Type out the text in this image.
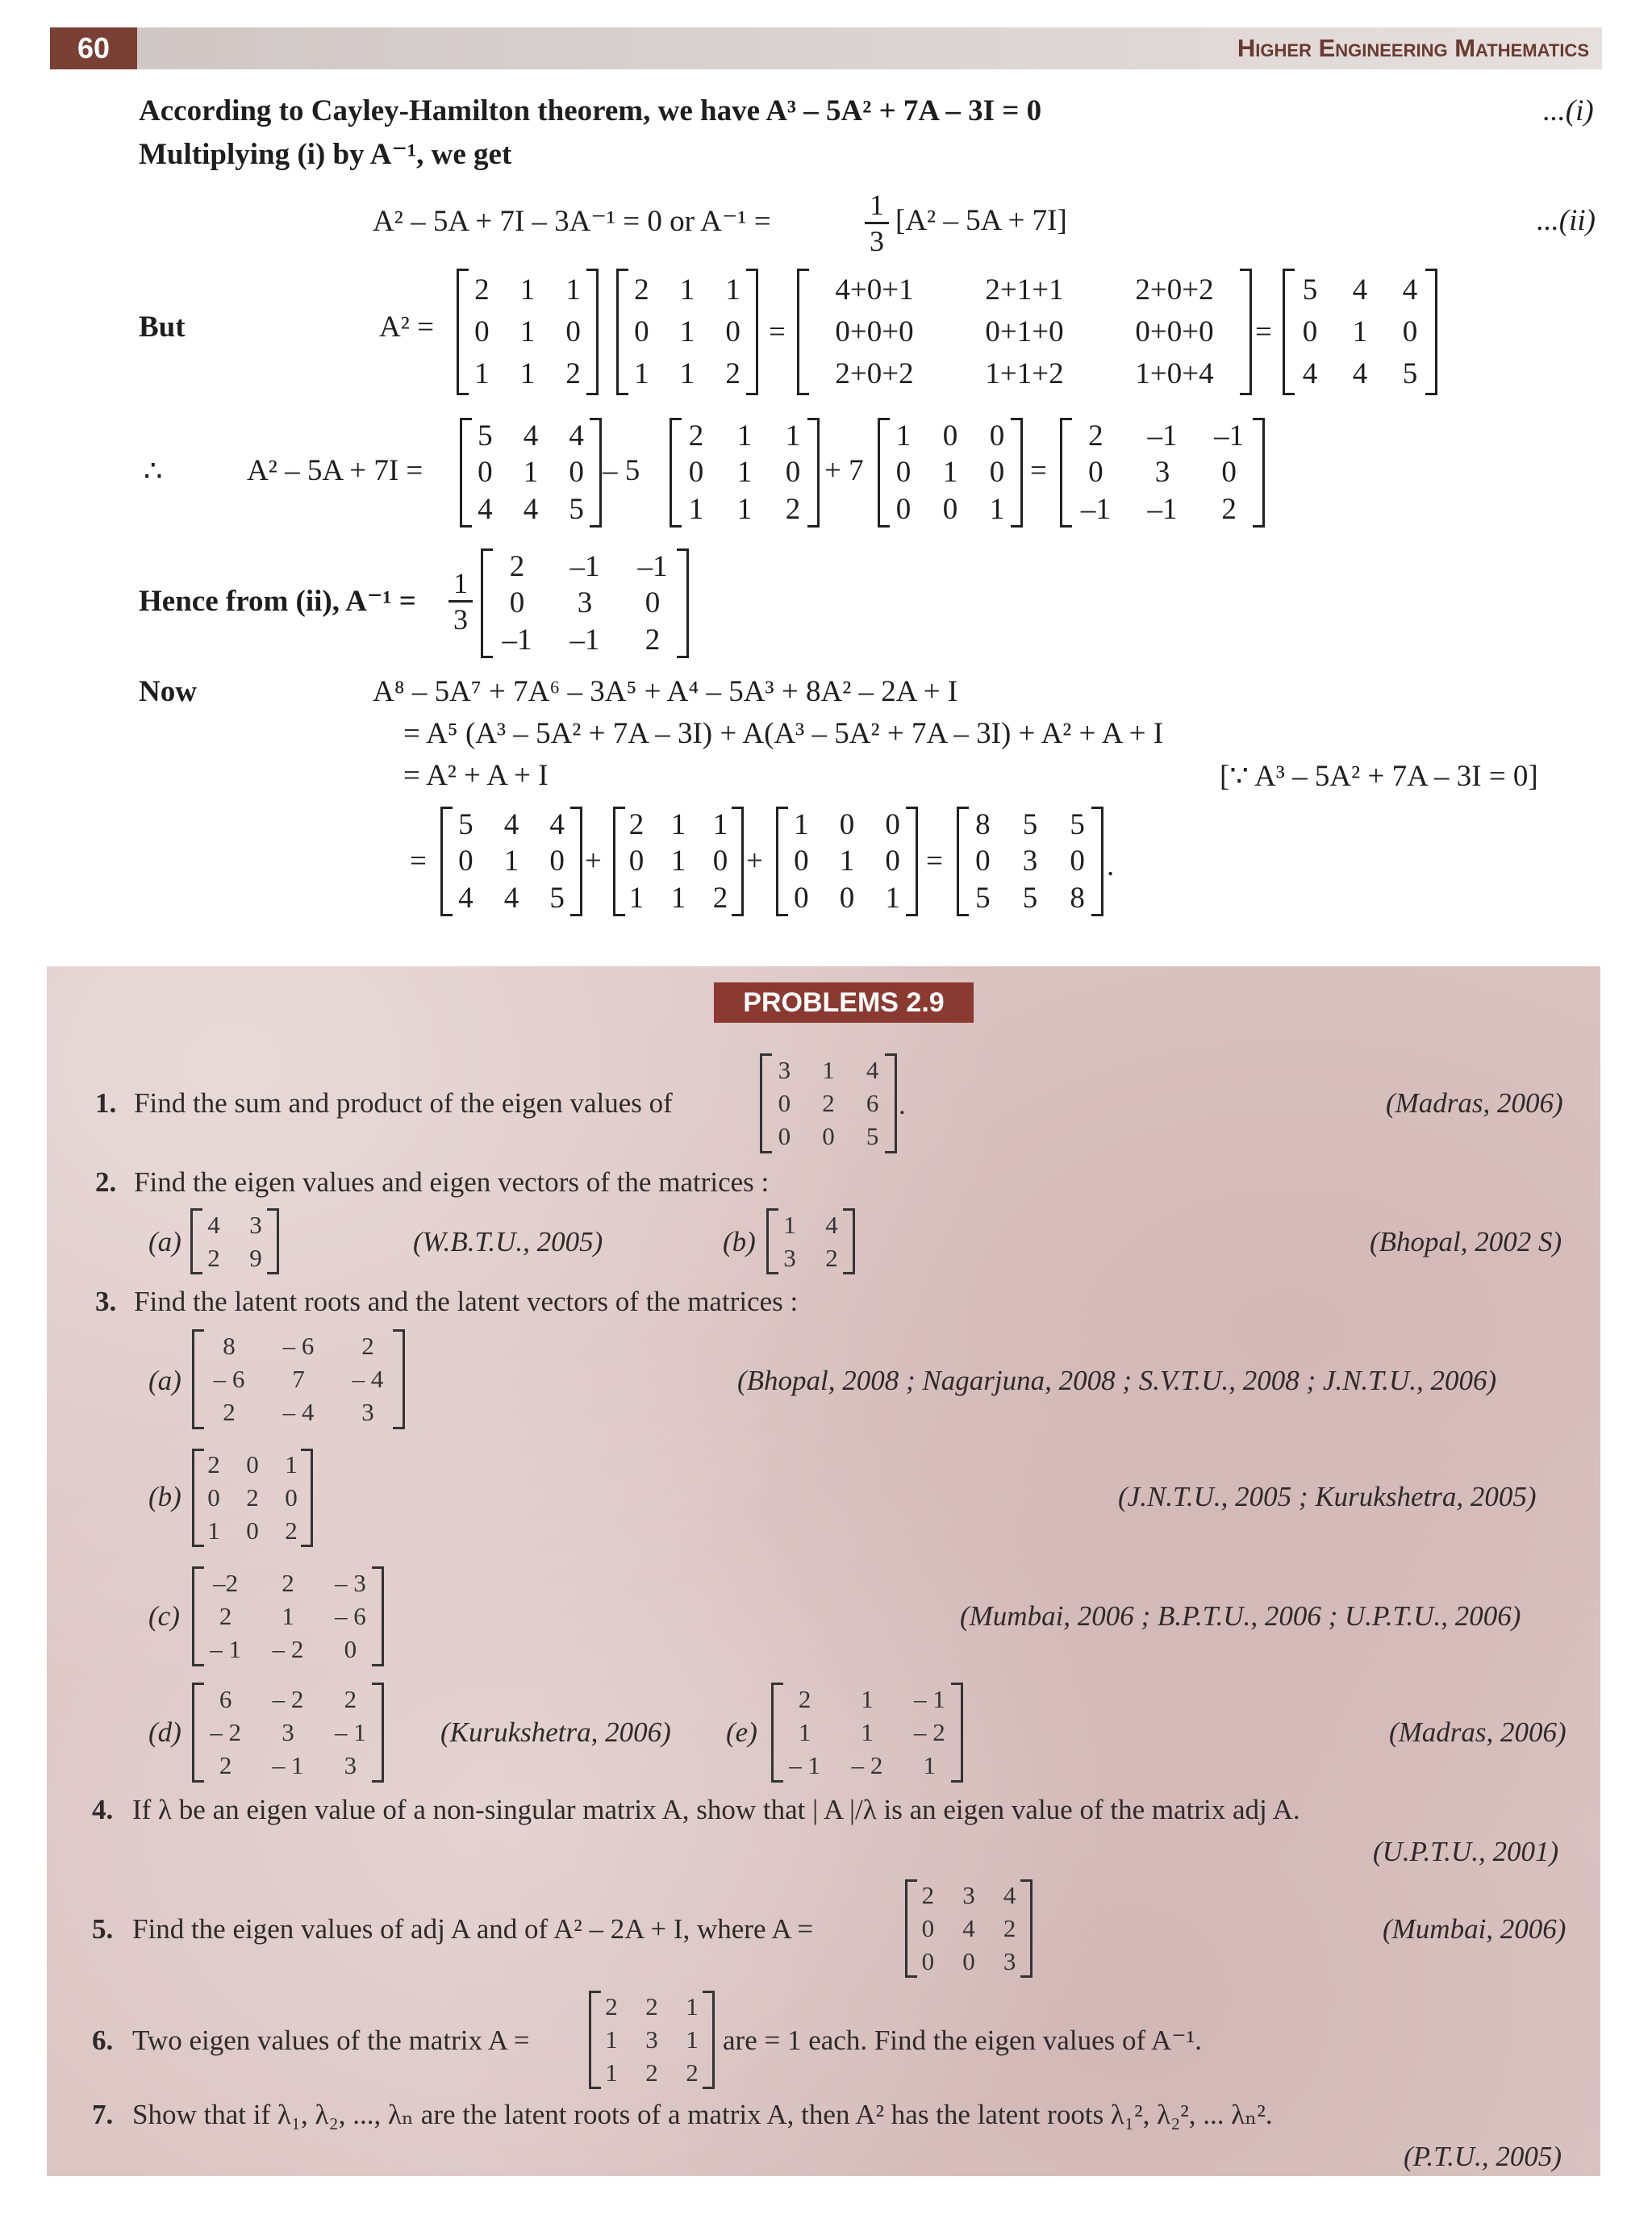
60	Higher Engineering Mathematics
According to Cayley-Hamilton theorem, we have A³ – 5A² + 7A – 3I = 0	...(i)
Multiplying (i) by A⁻¹, we get
A² – 5A + 7I – 3A⁻¹ = 0 or A⁻¹ =	1
3
[A² – 5A + 7I]	...(ii)
But	A² =
2	1	1
0	1	0
1	1	2
2	1	1
0	1	0
1	1	2
=
4+0+1	2+1+1	2+0+2
0+0+0	0+1+0	0+0+0
2+0+2	1+1+2	1+0+4
=
5	4	4
0	1	0
4	4	5
∴	A² – 5A + 7I =
5	4	4
0	1	0
4	4	5
– 5
2	1	1
0	1	0
1	1	2
+ 7
1	0	0
0	1	0
0	0	1
=
2	–1	–1
0	3	0
–1	–1	2
Hence from (ii), A⁻¹ =
1
3
2	–1	–1
0	3	0
–1	–1	2
Now	A⁸ – 5A⁷ + 7A⁶ – 3A⁵ + A⁴ – 5A³ + 8A² – 2A + I
= A⁵ (A³ – 5A² + 7A – 3I) + A(A³ – 5A² + 7A – 3I) + A² + A + I
= A² + A + I	[∵ A³ – 5A² + 7A – 3I = 0]
=
5	4	4
0	1	0
4	4	5
+
2	1	1
0	1	0
1	1	2
+
1	0	0
0	1	0
0	0	1
=
8	5	5
0	3	0
5	5	8
.
PROBLEMS 2.9
1. Find the sum and product of the eigen values of
3	1	4
0	2	6
0	0	5
.	(Madras, 2006)
2. Find the eigen values and eigen vectors of the matrices :
(a)
4	3
2	9	(W.B.T.U., 2005)	(b)
1	4
3	2	(Bhopal, 2002 S)
3. Find the latent roots and the latent vectors of the matrices :
(a)
8	– 6	2
– 6	7	– 4
2	– 4	3
(Bhopal, 2008 ; Nagarjuna, 2008 ; S.V.T.U., 2008 ; J.N.T.U., 2006)
(b)
2	0	1
0	2	0
1	0	2
(J.N.T.U., 2005 ; Kurukshetra, 2005)
(c)
–2	2	– 3
2	1	– 6
– 1	– 2	0
(Mumbai, 2006 ; B.P.T.U., 2006 ; U.P.T.U., 2006)
(d)
6	– 2	2
– 2	3	– 1
2	– 1	3
(Kurukshetra, 2006) (e)
2	1	– 1
1	1	– 2
– 1	– 2	1
(Madras, 2006)
4. If λ be an eigen value of a non-singular matrix A, show that | A |/λ is an eigen value of the matrix adj A.
(U.P.T.U., 2001)
5. Find the eigen values of adj A and of A² – 2A + I, where A =
2	3	4
0	4	2
0	0	3
(Mumbai, 2006)
6. Two eigen values of the matrix A =
2	2	1
1	3	1
1	2	2
are = 1 each. Find the eigen values of A⁻¹.
7. Show that if λ₁, λ₂, ..., λₙ are the latent roots of a matrix A, then A² has the latent roots λ₁², λ₂², ... λₙ².
(P.T.U., 2005)
